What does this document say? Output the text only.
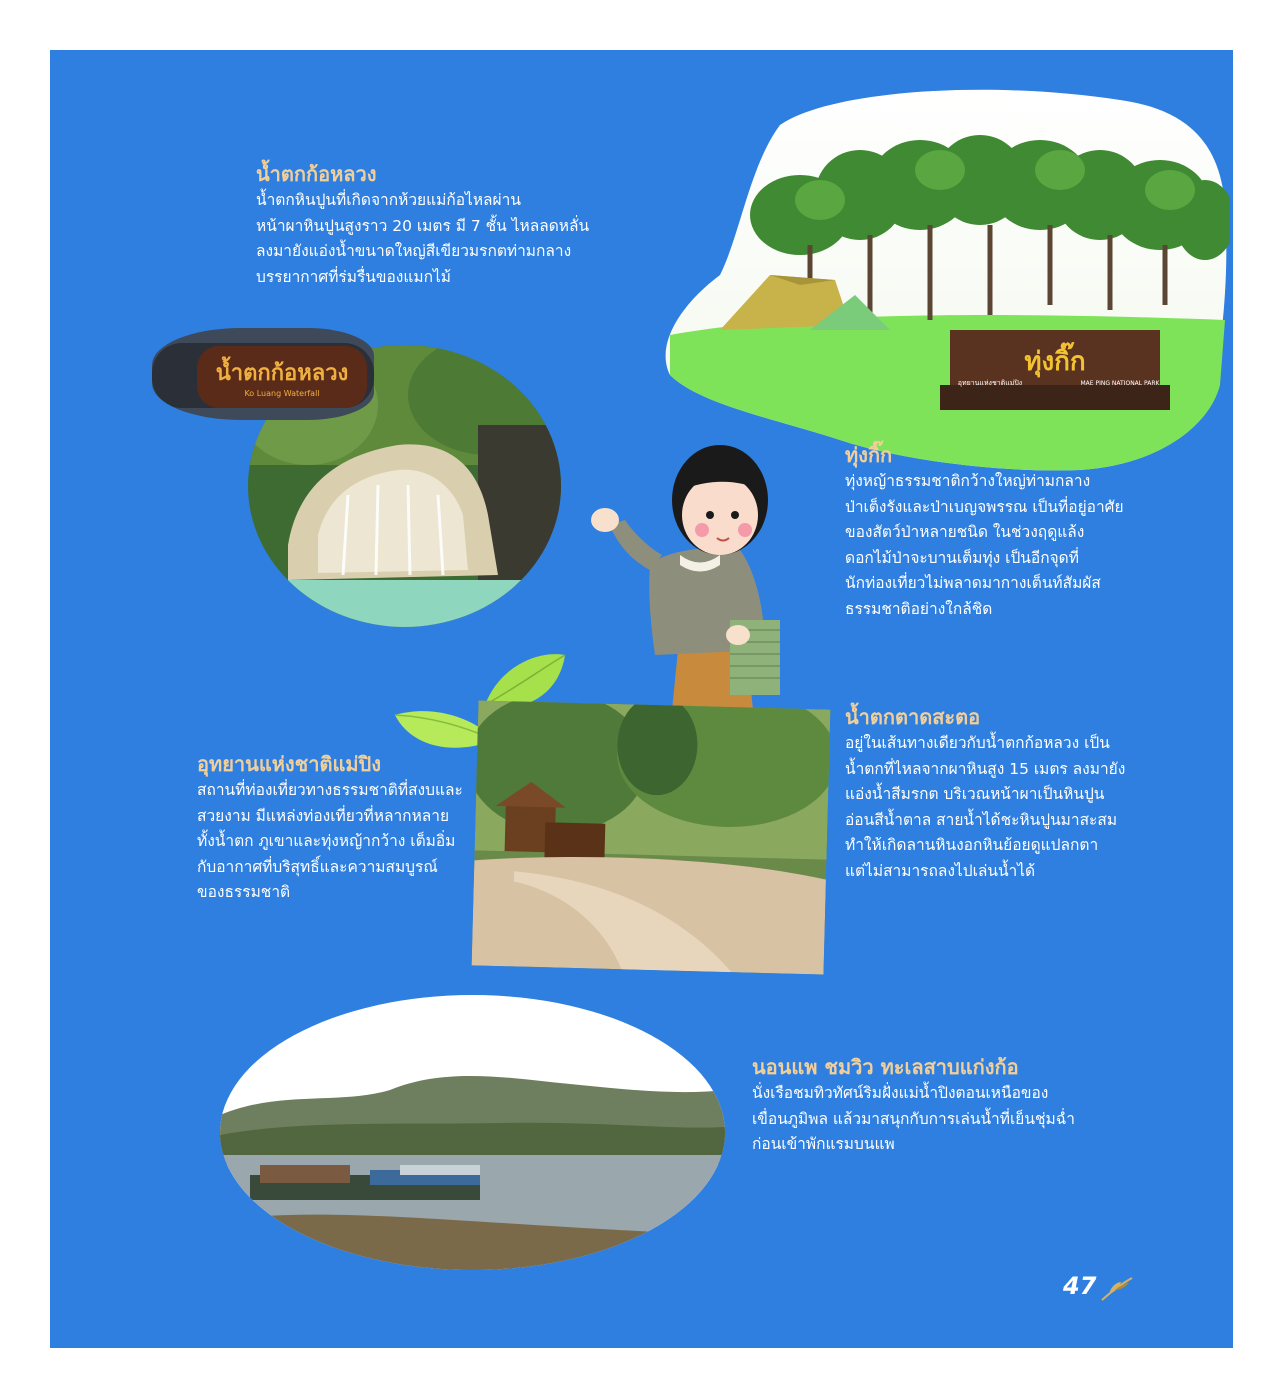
ทุ่งกิ๊ก
อุทยานแห่งชาติแม่ปิง	MAE PING NATIONAL PARK
น้ำตกก้อหลวง
น้ำตกหินปูนที่เกิดจากห้วยแม่ก้อไหลผ่าน
หน้าผาหินปูนสูงราว 20 เมตร มี 7 ชั้น ไหลลดหลั่น
ลงมายังแอ่งน้ำขนาดใหญ่สีเขียวมรกตท่ามกลาง
บรรยากาศที่ร่มรื่นของแมกไม้
น้ำตกก้อหลวง
Ko Luang Waterfall
ทุ่งกิ๊ก
ทุ่งหญ้าธรรมชาติกว้างใหญ่ท่ามกลาง
ป่าเต็งรังและป่าเบญจพรรณ เป็นที่อยู่อาศัย
ของสัตว์ป่าหลายชนิด ในช่วงฤดูแล้ง
ดอกไม้ป่าจะบานเต็มทุ่ง เป็นอีกจุดที่
นักท่องเที่ยวไม่พลาดมากางเต็นท์สัมผัส
ธรรมชาติอย่างใกล้ชิด
น้ำตกตาดสะตอ
อยู่ในเส้นทางเดียวกับน้ำตกก้อหลวง เป็น
น้ำตกที่ไหลจากผาหินสูง 15 เมตร ลงมายัง
แอ่งน้ำสีมรกต บริเวณหน้าผาเป็นหินปูน
อ่อนสีน้ำตาล สายน้ำได้ชะหินปูนมาสะสม
ทำให้เกิดลานหินงอกหินย้อยดูแปลกตา
แต่ไม่สามารถลงไปเล่นน้ำได้
อุทยานแห่งชาติแม่ปิง
สถานที่ท่องเที่ยวทางธรรมชาติที่สงบและ
สวยงาม มีแหล่งท่องเที่ยวที่หลากหลาย
ทั้งน้ำตก ภูเขาและทุ่งหญ้ากว้าง เต็มอิ่ม
กับอากาศที่บริสุทธิ์และความสมบูรณ์
ของธรรมชาติ
นอนแพ ชมวิว ทะเลสาบแก่งก้อ
นั่งเรือชมทิวทัศน์ริมฝั่งแม่น้ำปิงตอนเหนือของ
เขื่อนภูมิพล แล้วมาสนุกกับการเล่นน้ำที่เย็นชุ่มฉ่ำ
ก่อนเข้าพักแรมบนแพ
47
